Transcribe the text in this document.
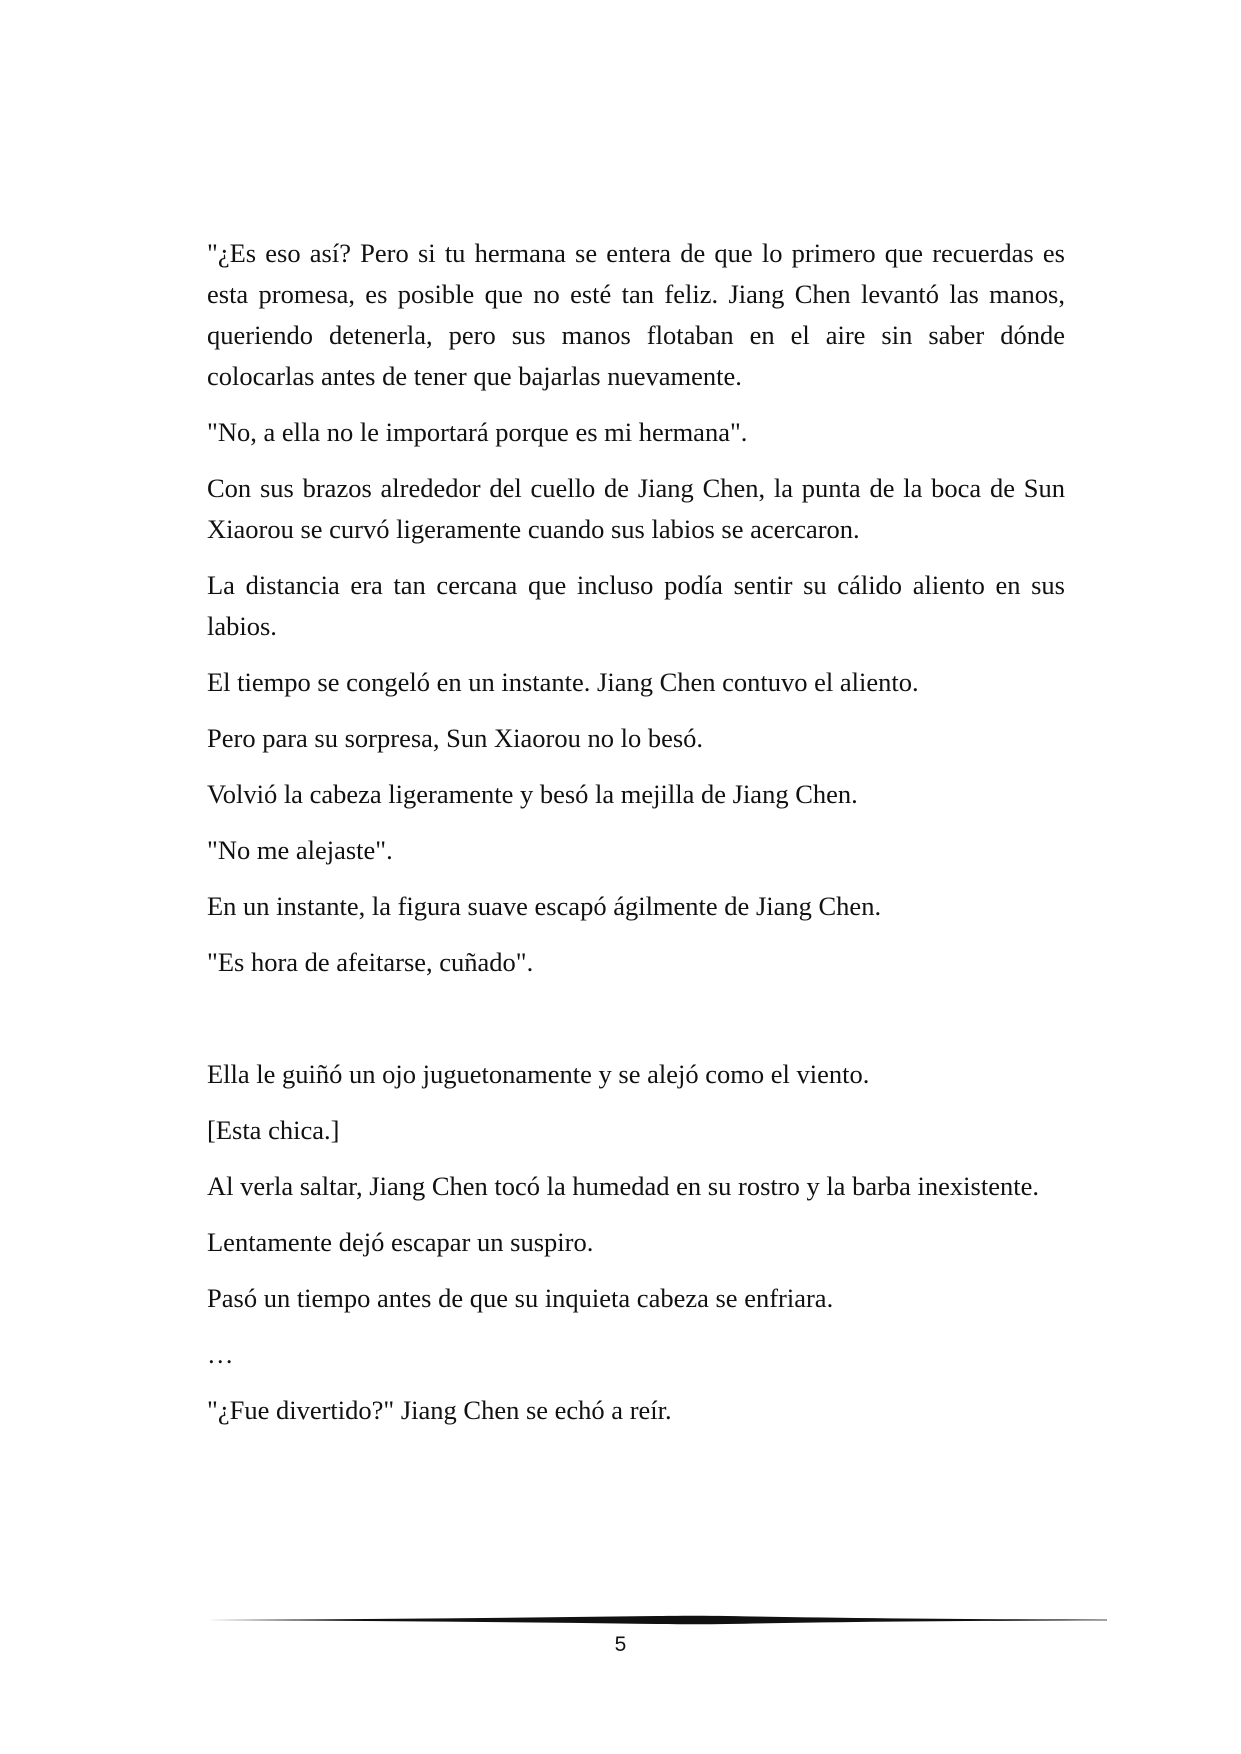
"¿Es eso así? Pero si tu hermana se entera de que lo primero que recuerdas es esta promesa, es posible que no esté tan feliz. Jiang Chen levantó las manos, queriendo detenerla, pero sus manos flotaban en el aire sin saber dónde colocarlas antes de tener que bajarlas nuevamente.

"No, a ella no le importará porque es mi hermana".

Con sus brazos alrededor del cuello de Jiang Chen, la punta de la boca de Sun Xiaorou se curvó ligeramente cuando sus labios se acercaron.

La distancia era tan cercana que incluso podía sentir su cálido aliento en sus labios.

El tiempo se congeló en un instante. Jiang Chen contuvo el aliento.

Pero para su sorpresa, Sun Xiaorou no lo besó.

Volvió la cabeza ligeramente y besó la mejilla de Jiang Chen.

"No me alejaste".

En un instante, la figura suave escapó ágilmente de Jiang Chen.

"Es hora de afeitarse, cuñado".

Ella le guiñó un ojo juguetonamente y se alejó como el viento.

[Esta chica.]

Al verla saltar, Jiang Chen tocó la humedad en su rostro y la barba inexistente.

Lentamente dejó escapar un suspiro.

Pasó un tiempo antes de que su inquieta cabeza se enfriara.

…

"¿Fue divertido?" Jiang Chen se echó a reír.

5
